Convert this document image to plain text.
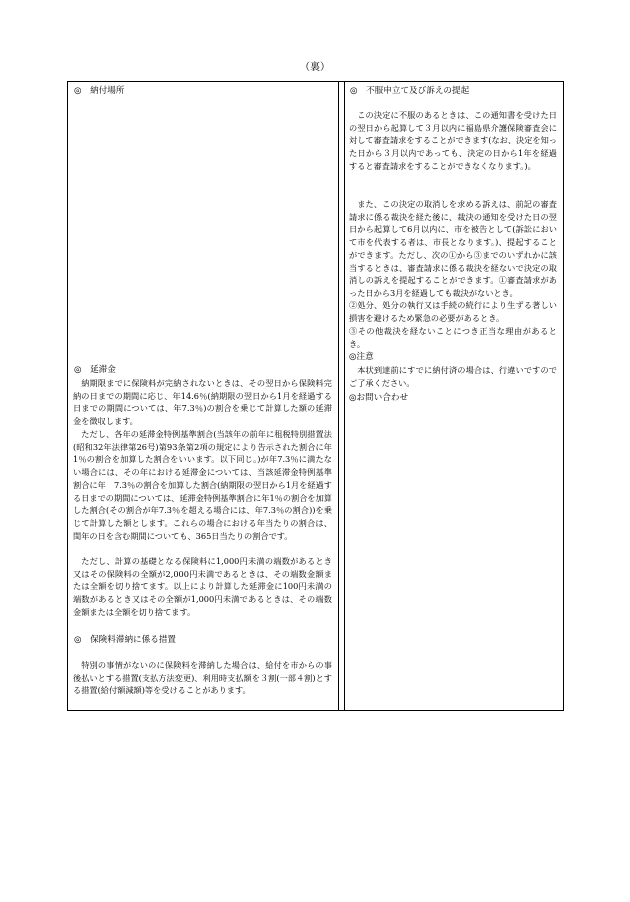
（裏）
◎　納付場所
◎　延滞金

納期限までに保険料が完納されないときは、その翌日から保険料完納の日までの期間に応じ、年14.6％(納期限の翌日から1月を経過する日までの期間については、年7.3％)の割合を乗じて計算した額の延滞金を徴収します。

ただし、各年の延滞金特例基準割合(当該年の前年に租税特別措置法(昭和32年法律第26号)第93条第2項の規定により告示された割合に年1％の割合を加算した割合をいいます。以下同じ。)が年7.3％に満たない場合には、その年における延滞金については、当該延滞金特例基準割合に年　7.3％の割合を加算した割合(納期限の翌日から1月を経過する日までの期間については、延滞金特例基準割合に年1％の割合を加算した割合(その割合が年7.3％を超える場合には、年7.3％の割合))を乗じて計算した額とします。これらの場合における年当たりの割合は、閏年の日を含む期間についても、365日当たりの割合です。

ただし、計算の基礎となる保険料に1,000円未満の端数があるとき又はその保険料の全額が2,000円未満であるときは、その端数金額または全額を切り捨てます。以上により計算した延滞金に100円未満の端数があるとき又はその全額が1,000円未満であるときは、その端数金額または全額を切り捨てます。

◎　保険料滞納に係る措置

特別の事情がないのに保険料を滞納した場合は、給付を市からの事後払いとする措置(支払方法変更)、利用時支払額を３割(一部４割)とする措置(給付額減額)等を受けることがあります。

◎　不服申立て及び訴えの提起

この決定に不服のあるときは、この通知書を受けた日の翌日から起算して３月以内に福島県介護保険審査会に対して審査請求をすることができます(なお、決定を知った日から３月以内であっても、決定の日から1年を経過すると審査請求をすることができなくなります。)。

また、この決定の取消しを求める訴えは、前記の審査請求に係る裁決を経た後に、裁決の通知を受けた日の翌日から起算して6月以内に、市を被告として(訴訟において市を代表する者は、市長となります。)、提起することができます。ただし、次の①から③までのいずれかに該当するときは、審査請求に係る裁決を経ないで決定の取消しの訴えを提起することができます。①審査請求があった日から3月を経過しても裁決がないとき。

②処分、処分の執行又は手続の続行により生ずる著しい損害を避けるため緊急の必要があるとき。

③その他裁決を経ないことにつき正当な理由があるとき。

◎注意

本状到達前にすでに納付済の場合は、行違いですのでご了承ください。

◎お問い合わせ
